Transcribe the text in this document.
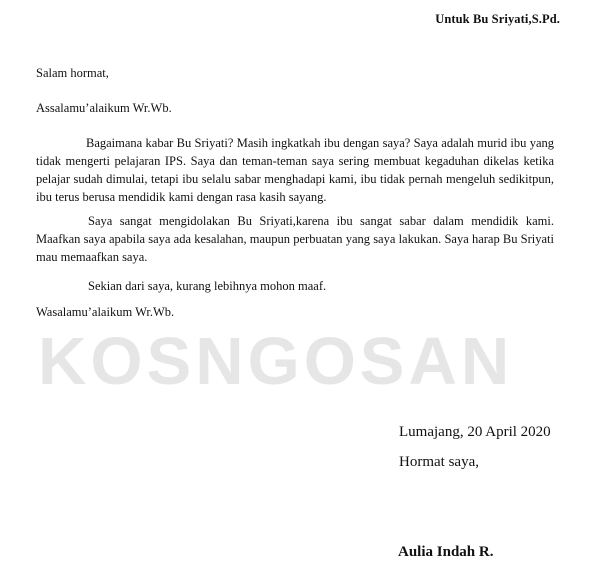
Untuk Bu Sriyati,S.Pd.
Salam hormat,
Assalamu’alaikum Wr.Wb.

Bagaimana kabar Bu Sriyati? Masih ingkatkah ibu dengan saya? Saya adalah murid ibu yang tidak mengerti pelajaran IPS. Saya dan teman-teman saya sering membuat kegaduhan dikelas ketika pelajar sudah dimulai, tetapi ibu selalu sabar menghadapi kami, ibu tidak pernah mengeluh sedikitpun, ibu terus berusa mendidik kami dengan rasa kasih sayang.

Saya sangat mengidolakan Bu Sriyati,karena ibu sangat sabar dalam mendidik kami. Maafkan saya apabila saya ada kesalahan, maupun perbuatan yang saya lakukan. Saya harap Bu Sriyati mau memaafkan saya.

Sekian dari saya, kurang lebihnya mohon maaf.

Wasalamu’alaikum Wr.Wb.
KOSNGOSAN
Lumajang, 20 April 2020
Hormat saya,
Aulia Indah R.
